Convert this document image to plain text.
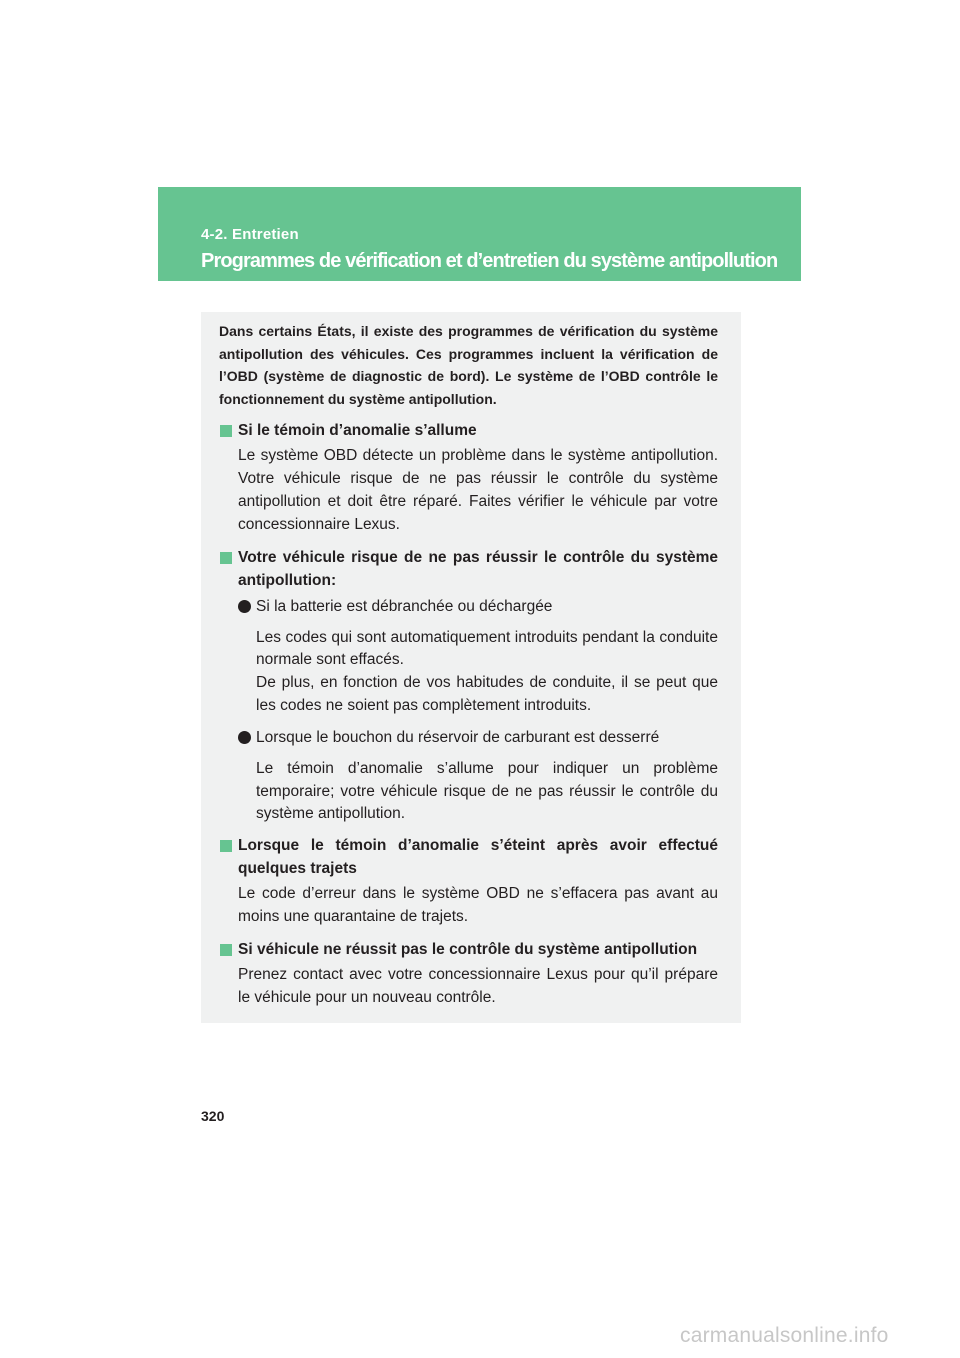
4-2. Entretien
Programmes de vérification et d’entretien du système antipollution

Dans certains États, il existe des programmes de vérification du système antipollution des véhicules. Ces programmes incluent la vérification de l’OBD (système de diagnostic de bord). Le système de l’OBD contrôle le fonctionnement du système antipollution.

Si le témoin d’anomalie s’allume

Le système OBD détecte un problème dans le système antipollution. Votre véhicule risque de ne pas réussir le contrôle du système antipollution et doit être réparé. Faites vérifier le véhicule par votre concessionnaire Lexus.

Votre véhicule risque de ne pas réussir le contrôle du système antipollution:
Si la batterie est débranchée ou déchargée

Les codes qui sont automatiquement introduits pendant la conduite normale sont effacés.

De plus, en fonction de vos habitudes de conduite, il se peut que les codes ne soient pas complètement introduits.

Lorsque le bouchon du réservoir de carburant est desserré

Le témoin d’anomalie s’allume pour indiquer un problème temporaire; votre véhicule risque de ne pas réussir le contrôle du système antipollution.

Lorsque le témoin d’anomalie s’éteint après avoir effectué quelques trajets

Le code d’erreur dans le système OBD ne s’effacera pas avant au moins une quarantaine de trajets.

Si véhicule ne réussit pas le contrôle du système antipollution

Prenez contact avec votre concessionnaire Lexus pour qu’il prépare le véhicule pour un nouveau contrôle.

320
carmanualsonline.info
